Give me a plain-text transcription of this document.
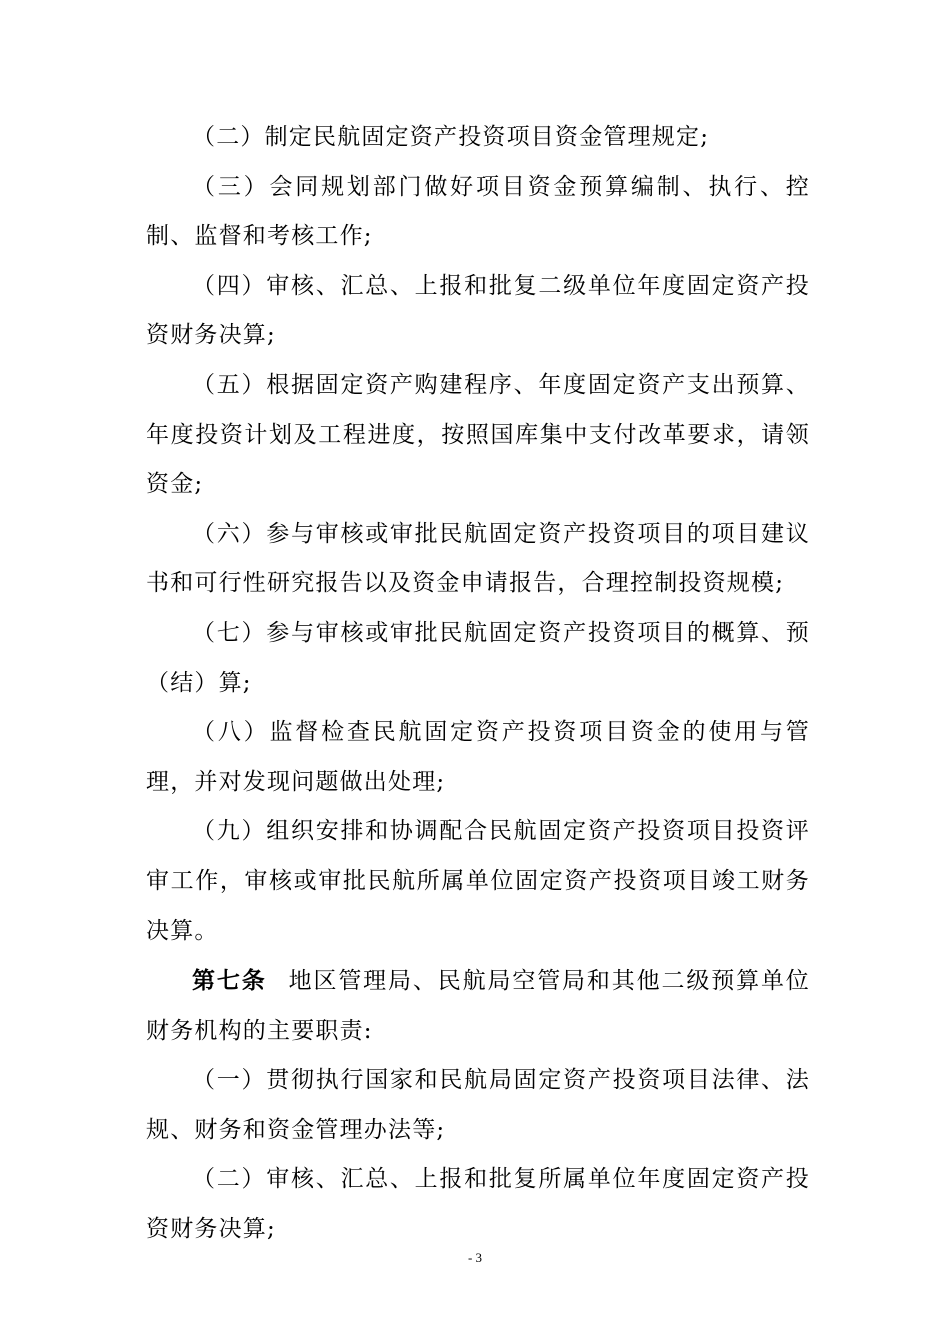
（二）制定民航固定资产投资项目资金管理规定;

（三）会同规划部门做好项目资金预算编制、执行、控制、监督和考核工作;

（四）审核、汇总、上报和批复二级单位年度固定资产投资财务决算;

（五）根据固定资产购建程序、年度固定资产支出预算、年度投资计划及工程进度，按照国库集中支付改革要求，请领资金;

（六）参与审核或审批民航固定资产投资项目的项目建议书和可行性研究报告以及资金申请报告，合理控制投资规模;

（七）参与审核或审批民航固定资产投资项目的概算、预（结）算;

（八）监督检查民航固定资产投资项目资金的使用与管理，并对发现问题做出处理;

（九）组织安排和协调配合民航固定资产投资项目投资评审工作，审核或审批民航所属单位固定资产投资项目竣工财务决算。

第七条 地区管理局、民航局空管局和其他二级预算单位财务机构的主要职责:

（一）贯彻执行国家和民航局固定资产投资项目法律、法规、财务和资金管理办法等;

（二）审核、汇总、上报和批复所属单位年度固定资产投资财务决算;

- 3
